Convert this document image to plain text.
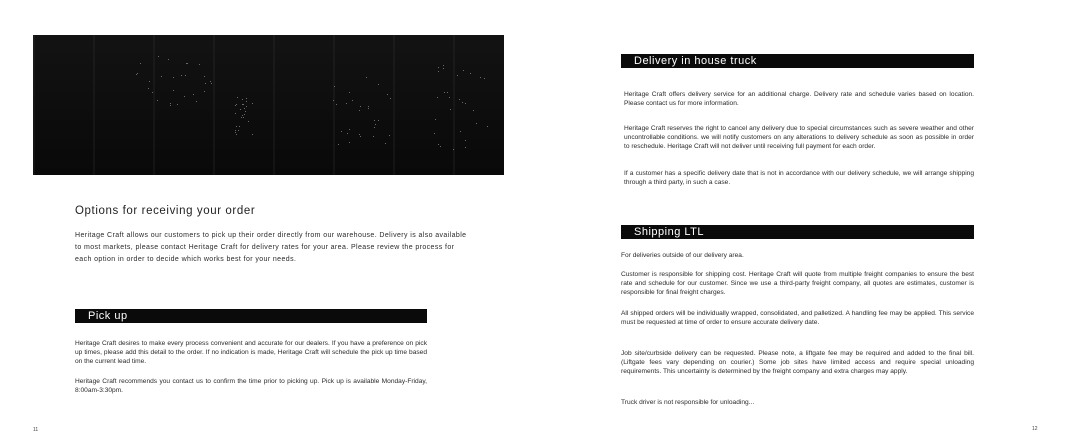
Options for receiving your order
Heritage Craft allows our customers to pick up their order directly from our warehouse. Delivery is also available to most markets, please contact Heritage Craft for delivery rates for your area. Please review the process for each option in order to decide which works best for your needs.
Pick up
Heritage Craft desires to make every process convenient and accurate for our dealers. If you have a preference on pick up times, please add this detail to the order. If no indication is made, Heritage Craft will schedule the pick up time based on the current lead time.
Heritage Craft recommends you contact us to confirm the time prior to picking up. Pick up is available Monday-Friday, 8:00am-3:30pm.
11
Delivery in house truck
Heritage Craft offers delivery service for an additional charge. Delivery rate and schedule varies based on location. Please contact us for more information.
Heritage Craft reserves the right to cancel any delivery due to special circumstances such as severe weather and other uncontrollable conditions. we will notify customers on any alterations to delivery schedule as soon as possible in order to reschedule. Heritage Craft will not deliver until receiving full payment for each order.
If a customer has a specific delivery date that is not in accordance with our delivery schedule, we will arrange shipping through a third party, in such a case.
Shipping LTL
For deliveries outside of our delivery area.
Customer is responsible for shipping cost. Heritage Craft will quote from multiple freight companies to ensure the best rate and schedule for our customer. Since we use a third-party freight company, all quotes are estimates, customer is responsible for final freight charges.
All shipped orders will be individually wrapped, consolidated, and palletized. A handling fee may be applied. This service must be requested at time of order to ensure accurate delivery date.
Job site/curbside delivery can be requested. Please note, a liftgate fee may be required and added to the final bill. (Liftgate fees vary depending on courier.) Some job sites have limited access and require special unloading requirements. This uncertainty is determined by the freight company and extra charges may apply.
Truck driver is not responsible for unloading...
12
